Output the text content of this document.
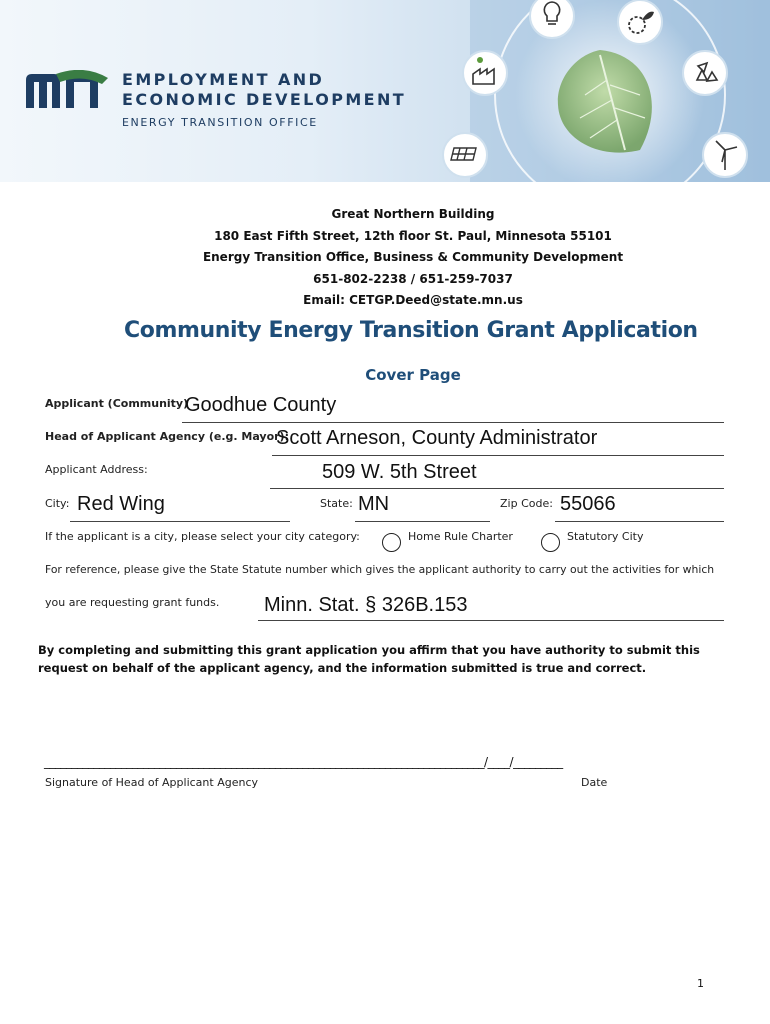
EMPLOYMENT AND
ECONOMIC DEVELOPMENT
ENERGY TRANSITION OFFICE
Great Northern Building
180 East Fifth Street, 12th floor St. Paul, Minnesota 55101
Energy Transition Office, Business & Community Development
651-802-2238 / 651-259-7037
Email: CETGP.Deed@state.mn.us
Community Energy Transition Grant Application
Cover Page
Applicant (Community)
Goodhue County
Head of Applicant Agency (e.g. Mayor):
Scott Arneson, County Administrator
Applicant Address:	509 W. 5th Street
City: Red Wing	State: MN	Zip Code: 55066
If the applicant is a city, please select your city category:	Home Rule Charter	Statutory City
For reference, please give the State Statute number which gives the applicant authority to carry out the activities for which
you are requesting grant funds. Minn. Stat. § 326B.153
By completing and submitting this grant application you affirm that you have authority to submit this request on behalf of the applicant agency, and the information submitted is true and correct.
________________________________________________________________________________/____/_________
Signature of Head of Applicant Agency	Date
1
